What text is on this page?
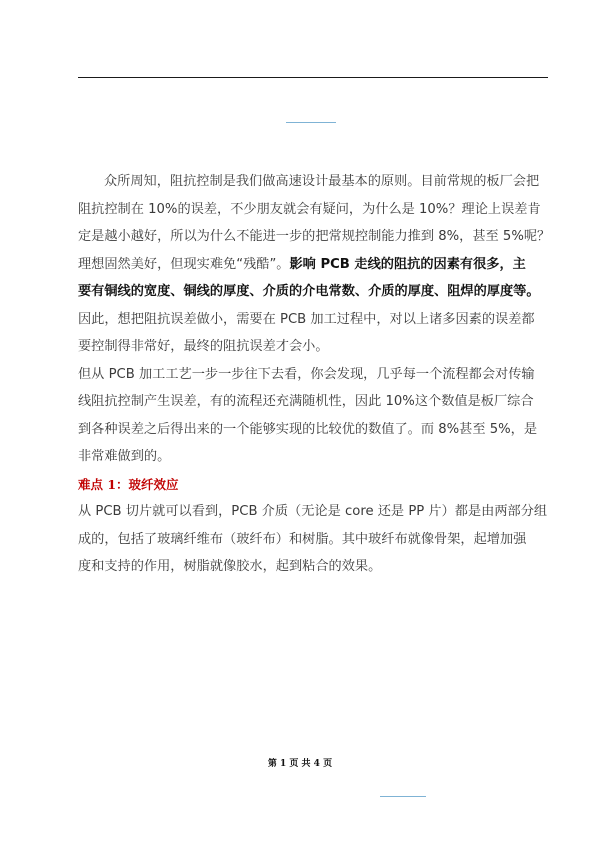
众所周知，阻抗控制是我们做高速设计最基本的原则。目前常规的板厂会把
阻抗控制在 10%的误差，不少朋友就会有疑问，为什么是 10%？理论上误差肯
定是越小越好，所以为什么不能进一步的把常规控制能力推到 8%，甚至 5%呢？
理想固然美好，但现实难免“残酷”。影响 PCB 走线的阻抗的因素有很多，主
要有铜线的宽度、铜线的厚度、介质的介电常数、介质的厚度、阻焊的厚度等。
因此，想把阻抗误差做小，需要在 PCB 加工过程中，对以上诸多因素的误差都
要控制得非常好，最终的阻抗误差才会小。
但从 PCB 加工工艺一步一步往下去看，你会发现，几乎每一个流程都会对传输
线阻抗控制产生误差，有的流程还充满随机性，因此 10%这个数值是板厂综合
到各种误差之后得出来的一个能够实现的比较优的数值了。而 8%甚至 5%，是
非常难做到的。
难点 1：玻纤效应
从 PCB 切片就可以看到，PCB 介质（无论是 core 还是 PP 片）都是由两部分组
成的，包括了玻璃纤维布（玻纤布）和树脂。其中玻纤布就像骨架，起增加强
度和支持的作用，树脂就像胶水，起到粘合的效果。
第 1 页 共 4 页
